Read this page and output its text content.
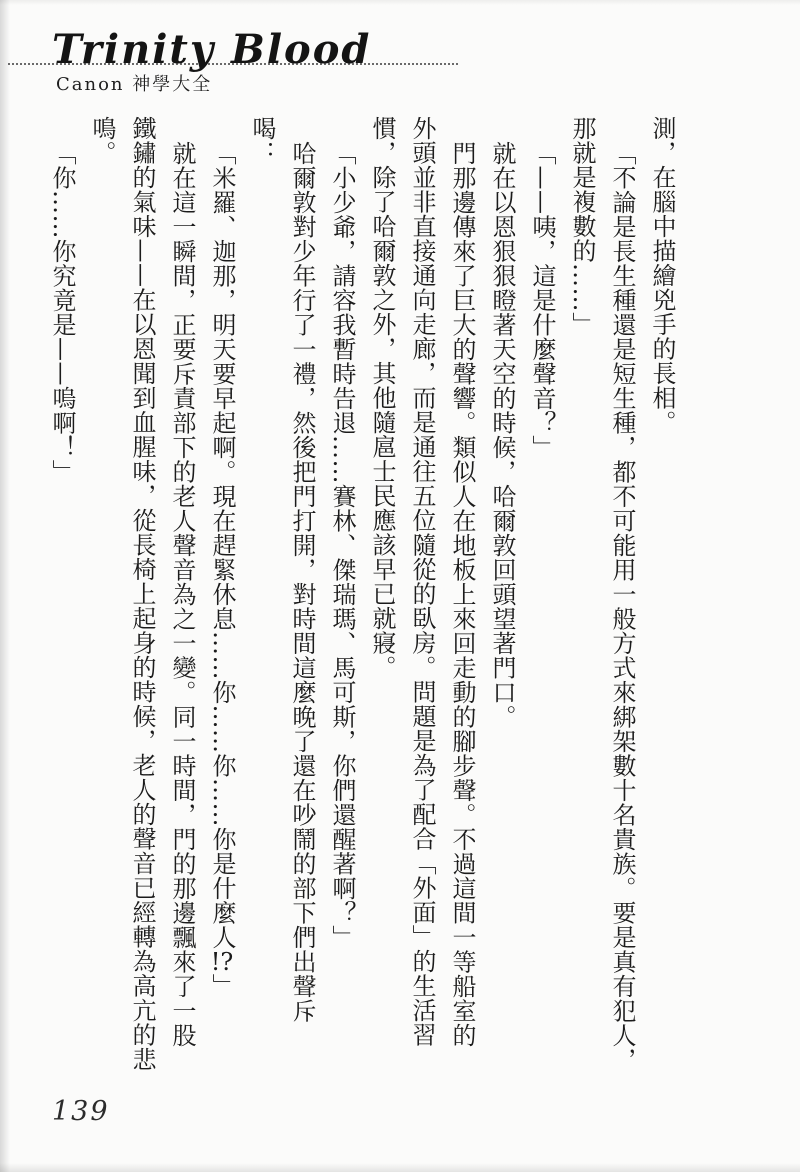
Trinity Blood
Canon 神學大全
測，在腦中描繪兇手的長相。
「不論是長生種還是短生種，都不可能用一般方式來綁架數十名貴族。要是真有犯人，
那就是複數的……」
「——咦，這是什麼聲音？」
就在以恩狠狠瞪著天空的時候，哈爾敦回頭望著門口。
門那邊傳來了巨大的聲響。類似人在地板上來回走動的腳步聲。不過這間一等船室的
外頭並非直接通向走廊，而是通往五位隨從的臥房。問題是為了配合「外面」的生活習
慣，除了哈爾敦之外，其他隨扈士民應該早已就寢。
「小少爺，請容我暫時告退……賽林、傑瑞瑪、馬可斯，你們還醒著啊？」
哈爾敦對少年行了一禮，然後把門打開，對時間這麼晚了還在吵鬧的部下們出聲斥
喝：
「米羅、迦那，明天要早起啊。現在趕緊休息……你……你……你是什麼人!?」
就在這一瞬間，正要斥責部下的老人聲音為之一變。同一時間，門的那邊飄來了一股
鐵鏽的氣味——在以恩聞到血腥味，從長椅上起身的時候，老人的聲音已經轉為高亢的悲
鳴。
「你……你究竟是——嗚啊！」
139
